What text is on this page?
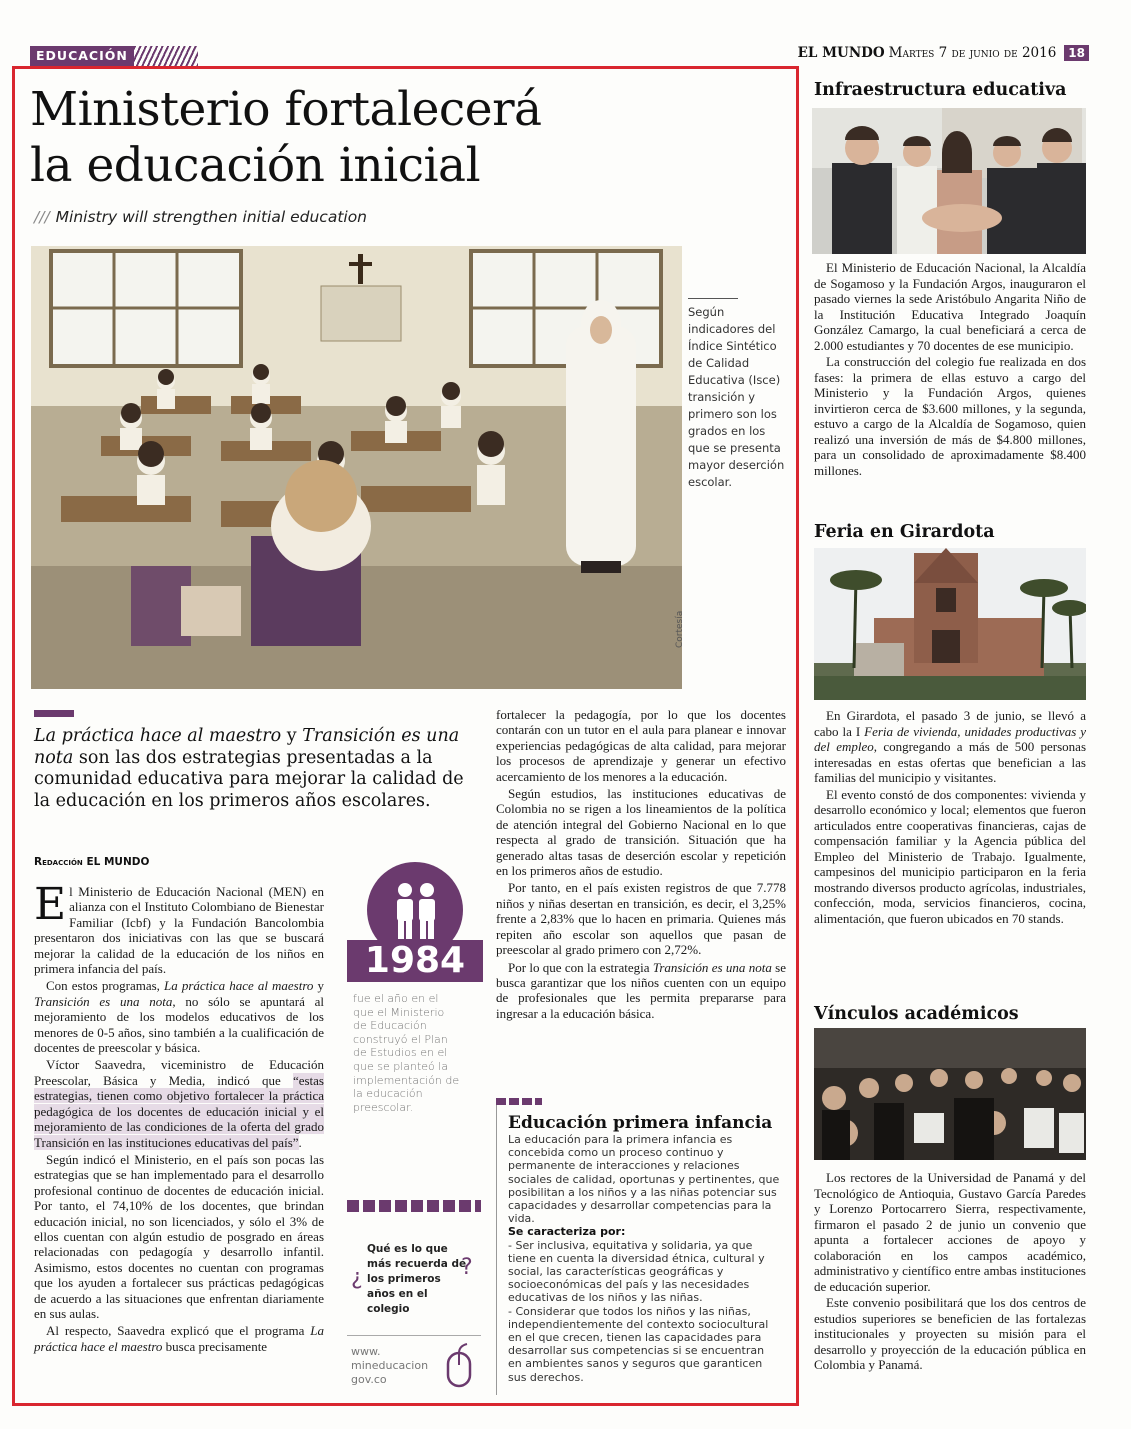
EDUCACIÓN	EL MUNDO Martes 7 de junio de 2016	18
Ministerio fortalecerá
la educación inicial
/// Ministry will strengthen initial education
Según indicadores del Índice Sintético de Calidad Educativa (Isce) transición y primero son los grados en los que se presenta mayor deserción escolar.
Cortesía
La práctica hace al maestro y Transición es una nota son las dos estrategias presentadas a la comunidad educativa para mejorar la calidad de la educación en los primeros años escolares.
Redacción EL MUNDO

El Ministerio de Educación Nacional (MEN) en alianza con el Instituto Colombiano de Bienestar Familiar (Icbf) y la Fundación Bancolombia presentaron dos iniciativas con las que se buscará mejorar la calidad de la educación de los niños en primera infancia del país.

Con estos programas, La práctica hace al maestro y Transición es una nota, no sólo se apuntará al mejoramiento de los modelos educativos de los menores de 0-5 años, sino también a la cualificación de docentes de preescolar y básica.

Víctor Saavedra, viceministro de Educación Preescolar, Básica y Media, indicó que “estas estrategias, tienen como objetivo fortalecer la práctica pedagógica de los docentes de educación inicial y el mejoramiento de las condiciones de la oferta del grado Transición en las instituciones educativas del país”.

Según indicó el Ministerio, en el país son pocas las estrategias que se han implementado para el desarrollo profesional continuo de docentes de educación inicial. Por tanto, el 74,10% de los docentes, que brindan educación inicial, no son licenciados, y sólo el 3% de ellos cuentan con algún estudio de posgrado en áreas relacionadas con pedagogía y desarrollo infantil. Asimismo, estos docentes no cuentan con programas que los ayuden a fortalecer sus prácticas pedagógicas de acuerdo a las situaciones que enfrentan diariamente en sus aulas.

Al respecto, Saavedra explicó que el programa La práctica hace el maestro busca precisamente

1984
fue el año en el que el Ministerio de Educación construyó el Plan de Estudios en el que se planteó la implementación de la educación preescolar.
¿
Qué es lo que más recuerda de los primeros años en el colegio
?
www.
mineducacion
gov.co

fortalecer la pedagogía, por lo que los docentes contarán con un tutor en el aula para planear e innovar experiencias pedagógicas de alta calidad, para mejorar los procesos de aprendizaje y generar un efectivo acercamiento de los menores a la educación.

Según estudios, las instituciones educativas de Colombia no se rigen a los lineamientos de la política de atención integral del Gobierno Nacional en lo que respecta al grado de transición. Situación que ha generado altas tasas de deserción escolar y repetición en los primeros años de estudio.

Por tanto, en el país existen registros de que 7.778 niños y niñas desertan en transición, es decir, el 3,25% frente a 2,83% que lo hacen en primaria. Quienes más repiten año escolar son aquellos que pasan de preescolar al grado primero con 2,72%.

Por lo que con la estrategia Transición es una nota se busca garantizar que los niños cuenten con un equipo de profesionales que les permita prepararse para ingresar a la educación básica.

Educación primera infancia
La educación para la primera infancia es concebida como un proceso continuo y permanente de interacciones y relaciones sociales de calidad, oportunas y pertinentes, que posibilitan a los niños y a las niñas potenciar sus capacidades y desarrollar competencias para la vida.
Se caracteriza por:
- Ser inclusiva, equitativa y solidaria, ya que tiene en cuenta la diversidad étnica, cultural y social, las características geográficas y socioeconómicas del país y las necesidades educativas de los niños y las niñas.
- Considerar que todos los niños y las niñas, independientemente del contexto sociocultural en el que crecen, tienen las capacidades para desarrollar sus competencias si se encuentran en ambientes sanos y seguros que garanticen sus derechos.
Infraestructura educativa

El Ministerio de Educación Nacional, la Alcaldía de Sogamoso y la Fundación Argos, inauguraron el pasado viernes la sede Aristóbulo Angarita Niño de la Institución Educativa Integrado Joaquín González Camargo, la cual beneficiará a cerca de 2.000 estudiantes y 70 docentes de ese municipio.

La construcción del colegio fue realizada en dos fases: la primera de ellas estuvo a cargo del Ministerio y la Fundación Argos, quienes invirtieron cerca de $3.600 millones, y la segunda, estuvo a cargo de la Alcaldía de Sogamoso, quien realizó una inversión de más de $4.800 millones, para un consolidado de aproximadamente $8.400 millones.

Feria en Girardota

En Girardota, el pasado 3 de junio, se llevó a cabo la I Feria de vivienda, unidades productivas y del empleo, congregando a más de 500 personas interesadas en estas ofertas que benefician a las familias del municipio y visitantes.

El evento constó de dos componentes: vivienda y desarrollo económico y local; elementos que fueron articulados entre cooperativas financieras, cajas de compensación familiar y la Agencia pública del Empleo del Ministerio de Trabajo. Igualmente, campesinos del municipio participaron en la feria mostrando diversos producto agrícolas, industriales, confección, moda, servicios financieros, cocina, alimentación, que fueron ubicados en 70 stands.

Vínculos académicos

Los rectores de la Universidad de Panamá y del Tecnológico de Antioquia, Gustavo García Paredes y Lorenzo Portocarrero Sierra, respectivamente, firmaron el pasado 2 de junio un convenio que apunta a fortalecer acciones de apoyo y colaboración en los campos académico, administrativo y científico entre ambas instituciones de educación superior.

Este convenio posibilitará que los dos centros de estudios superiores se beneficien de las fortalezas institucionales y proyecten su misión para el desarrollo y proyección de la educación pública en Colombia y Panamá.
